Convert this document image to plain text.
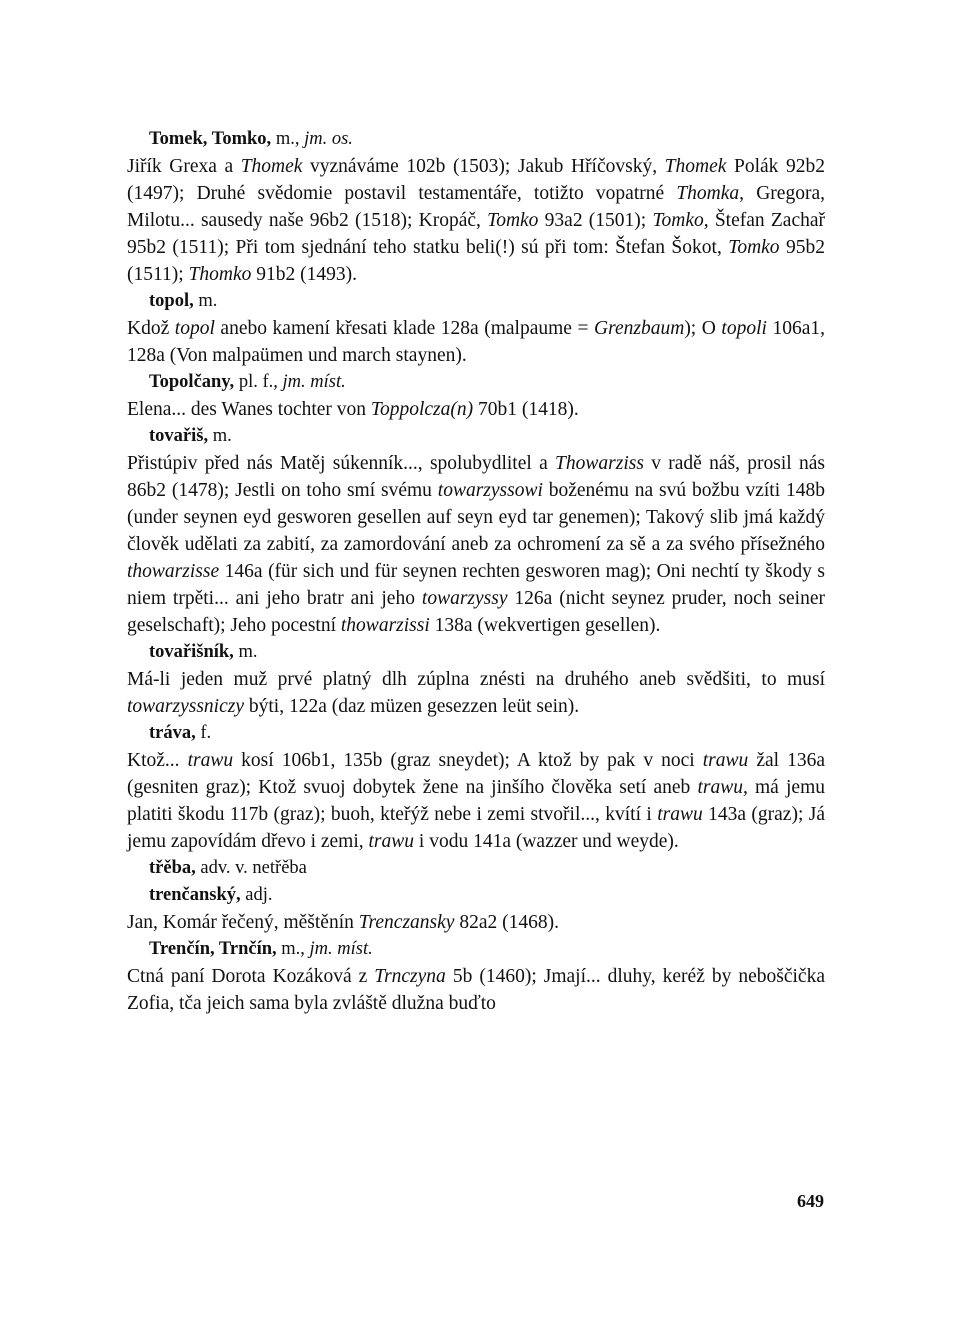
Tomek, Tomko, m., jm. os.

Jiřík Grexa a Thomek vyznáváme 102b (1503); Jakub Hříčovský, Thomek Polák 92b2 (1497); Druhé svědomie postavil testamentáře, totižto vopatrné Thomka, Gregora, Milotu... sausedy naše 96b2 (1518); Kropáč, Tomko 93a2 (1501); Tomko, Štefan Zachař 95b2 (1511); Při tom sjednání teho statku beli(!) sú při tom: Štefan Šokot, Tomko 95b2 (1511); Thomko 91b2 (1493).

topol, m.

Kdož topol anebo kamení křesati klade 128a (malpaume = Grenzbaum); O topoli 106a1, 128a (Von malpaümen und march staynen).

Topolčany, pl. f., jm. míst.

Elena... des Wanes tochter von Toppolcza(n) 70b1 (1418).

tovařiš, m.

Přistúpiv před nás Matěj súkenník..., spolubydlitel a Thowarziss v radě náš, prosil nás 86b2 (1478); Jestli on toho smí svému towarzyssowi boženému na svú božbu vzíti 148b (under seynen eyd gesworen gesellen auf seyn eyd tar genemen); Takový slib jmá každý člověk udělati za zabití, za zamordování aneb za ochromení za sě a za svého přísežného thowarzisse 146a (für sich und für seynen rechten gesworen mag); Oni nechtí ty škody s niem trpěti... ani jeho bratr ani jeho towarzyssy 126a (nicht seynez pruder, noch seiner geselschaft); Jeho pocestní thowarzissi 138a (wekvertigen gesellen).

tovařišník, m.

Má-li jeden muž prvé platný dlh zúplna znésti na druhého aneb svědšiti, to musí towarzyssniczy býti, 122a (daz müzen gesezzen leüt sein).

tráva, f.

Ktož... trawu kosí 106b1, 135b (graz sneydet); A ktož by pak v noci trawu žal 136a (gesniten graz); Ktož svuoj dobytek žene na jinšího člověka setí aneb trawu, má jemu platiti škodu 117b (graz); buoh, kteřýž nebe i zemi stvořil..., kvítí i trawu 143a (graz); Já jemu zapovídám dřevo i zemi, trawu i vodu 141a (wazzer und weyde).

třěba, adv. v. netřěba
trenčanský, adj.

Jan, Komár řečený, měštěnín Trenczansky 82a2 (1468).

Trenčín, Trnčín, m., jm. míst.

Ctná paní Dorota Kozáková z Trnczyna 5b (1460); Jmají... dluhy, keréž by neboščička Zofia, tča jeich sama byla zvláště dlužna buďto

649
